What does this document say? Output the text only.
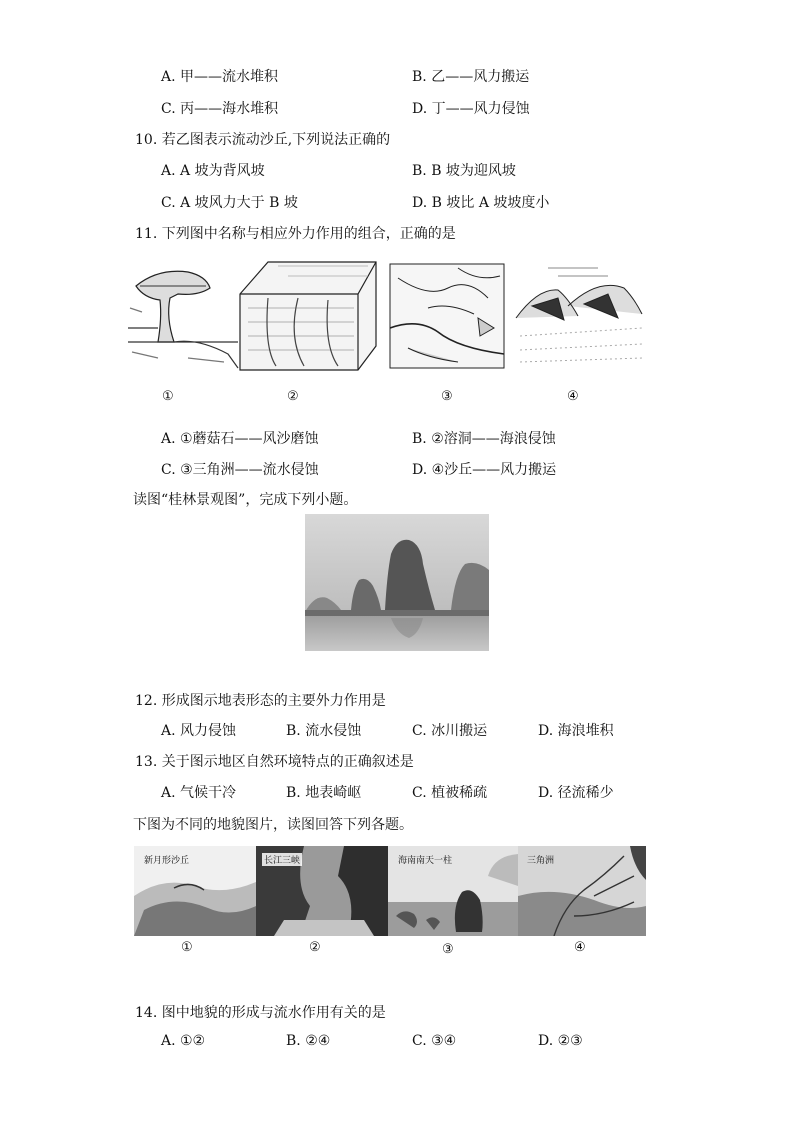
A. 甲——流水堆积	B. 乙——风力搬运
C. 丙——海水堆积	D. 丁——风力侵蚀
10. 若乙图表示流动沙丘,下列说法正确的
A. A 坡为背风坡	B. B 坡为迎风坡
C. A 坡风力大于 B 坡	D. B 坡比 A 坡坡度小
11. 下列图中名称与相应外力作用的组合，正确的是
①	②	③	④
A. ①蘑菇石——风沙磨蚀	B. ②溶洞——海浪侵蚀
C. ③三角洲——流水侵蚀	D. ④沙丘——风力搬运
读图“桂林景观图”，完成下列小题。
12. 形成图示地表形态的主要外力作用是
A. 风力侵蚀	B. 流水侵蚀	C. 冰川搬运	D. 海浪堆积
13. 关于图示地区自然环境特点的正确叙述是
A. 气候干冷	B. 地表崎岖	C. 植被稀疏	D. 径流稀少
下图为不同的地貌图片，读图回答下列各题。
新月形沙丘	长江三峡	海南南天一柱	三角洲
①	②	③	④
14. 图中地貌的形成与流水作用有关的是
A. ①②	B. ②④	C. ③④	D. ②③
